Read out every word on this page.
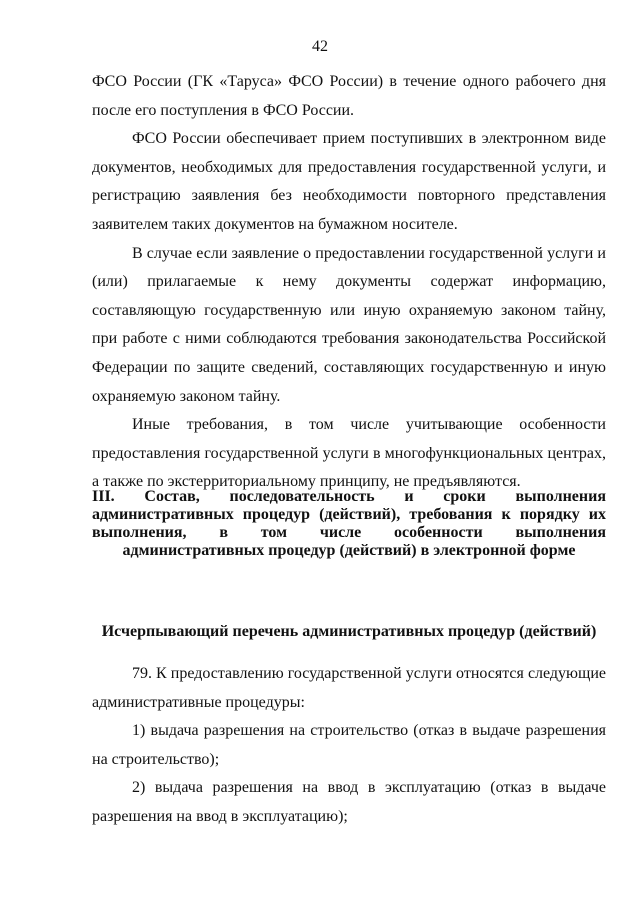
42

ФСО России (ГК «Таруса» ФСО России) в течение одного рабочего дня после его поступления в ФСО России.

ФСО России обеспечивает прием поступивших в электронном виде документов, необходимых для предоставления государственной услуги, и регистрацию заявления без необходимости повторного представления заявителем таких документов на бумажном носителе.

В случае если заявление о предоставлении государственной услуги и (или) прилагаемые к нему документы содержат информацию, составляющую государственную или иную охраняемую законом тайну, при работе с ними соблюдаются требования законодательства Российской Федерации по защите сведений, составляющих государственную и иную охраняемую законом тайну.

Иные требования, в том числе учитывающие особенности предоставления государственной услуги в многофункциональных центрах, а также по экстерриториальному принципу, не предъявляются.

III. Состав, последовательность и сроки выполнения административных процедур (действий), требования к порядку их выполнения, в том числе особенности выполнения административных процедур (действий) в электронной форме
Исчерпывающий перечень административных процедур (действий)

79. К предоставлению государственной услуги относятся следующие административные процедуры:

1) выдача разрешения на строительство (отказ в выдаче разрешения на строительство);

2) выдача разрешения на ввод в эксплуатацию (отказ в выдаче разрешения на ввод в эксплуатацию);
